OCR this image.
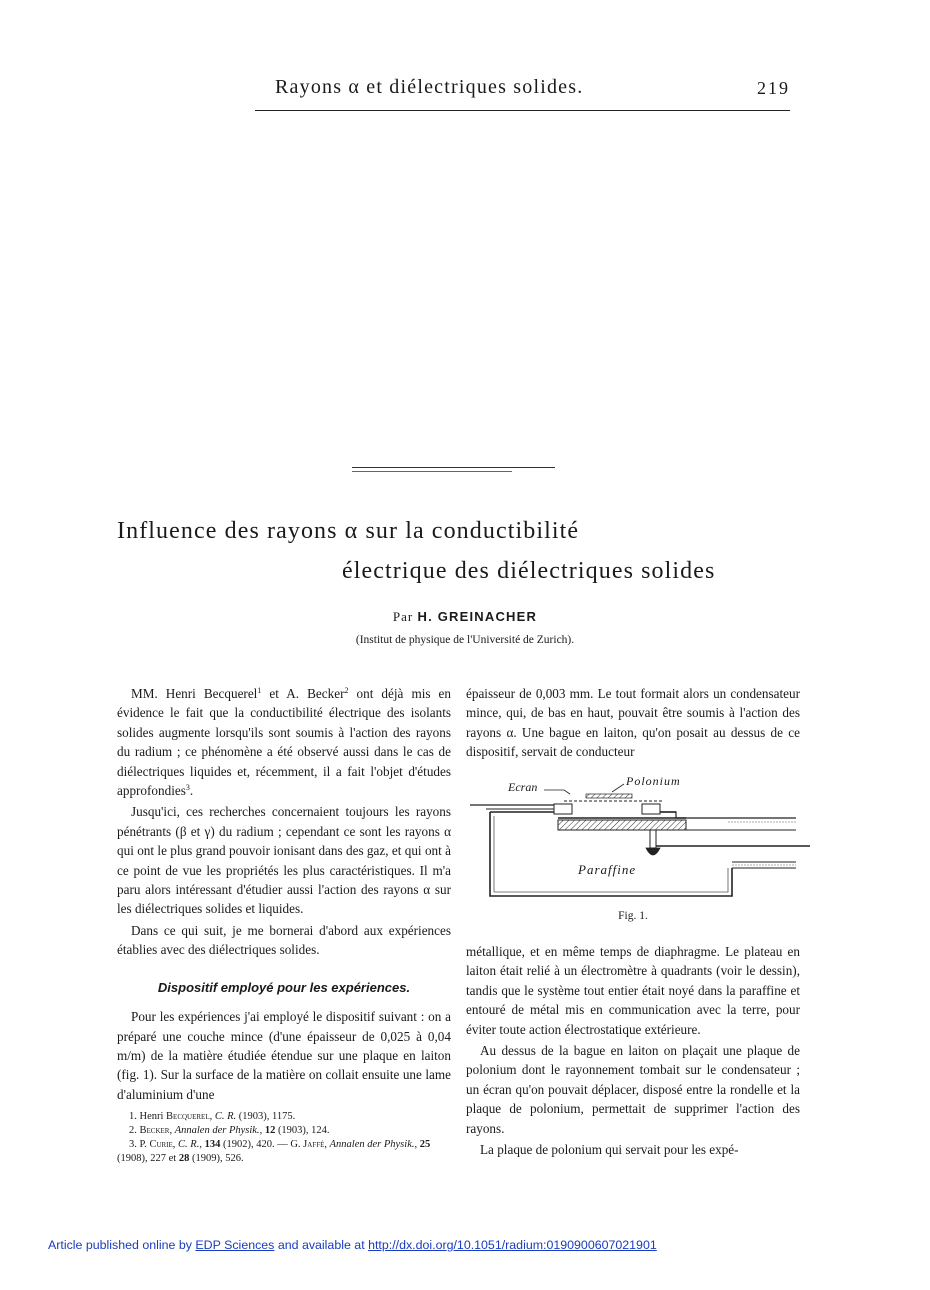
Rayons α et diélectriques solides.	219
Influence des rayons α sur la conductibilité
électrique des diélectriques solides
Par H. GREINACHER
(Institut de physique de l'Université de Zurich).

MM. Henri Becquerel$^1$ et A. Becker$^2$ ont déjà mis en évidence le fait que la conductibilité électrique des isolants solides augmente lorsqu'ils sont soumis à l'action des rayons du radium ; ce phénomène a été observé aussi dans le cas de diélectriques liquides et, récemment, il a fait l'objet d'études approfondies$^3$.

Jusqu'ici, ces recherches concernaient toujours les rayons pénétrants (β et γ) du radium ; cependant ce sont les rayons α qui ont le plus grand pouvoir ionisant dans des gaz, et qui ont à ce point de vue les propriétés les plus caractéristiques. Il m'a paru alors intéressant d'étudier aussi l'action des rayons α sur les diélectriques solides et liquides.

Dans ce qui suit, je me bornerai d'abord aux expériences établies avec des diélectriques solides.

Dispositif employé pour les expériences.

Pour les expériences j'ai employé le dispositif suivant : on a préparé une couche mince (d'une épaisseur de 0,025 à 0,04 m/m) de la matière étudiée étendue sur une plaque en laiton (fig. 1). Sur la surface de la matière on collait ensuite une lame d'aluminium d'une

1. Henri Becquerel, C. R. (1903), 1175.

2. Becker, Annalen der Physik., 12 (1903), 124.

3. P. Curie, C. R., 134 (1902), 420. — G. Jaffé, Annalen der Physik., 25 (1908), 227 et 28 (1909), 526.

épaisseur de 0,003 mm. Le tout formait alors un condensateur mince, qui, de bas en haut, pouvait être soumis à l'action des rayons α. Une bague en laiton, qu'on posait au dessus de ce dispositif, servait de conducteur

Ecran	Polonium
Paraffine
Fig. 1.

métallique, et en même temps de diaphragme. Le plateau en laiton était relié à un électromètre à quadrants (voir le dessin), tandis que le système tout entier était noyé dans la paraffine et entouré de métal mis en communication avec la terre, pour éviter toute action électrostatique extérieure.

Au dessus de la bague en laiton on plaçait une plaque de polonium dont le rayonnement tombait sur le condensateur ; un écran qu'on pouvait déplacer, disposé entre la rondelle et la plaque de polonium, permettait de supprimer l'action des rayons.

La plaque de polonium qui servait pour les expé-

Article published online by EDP Sciences and available at http://dx.doi.org/10.1051/radium:0190900607021901
